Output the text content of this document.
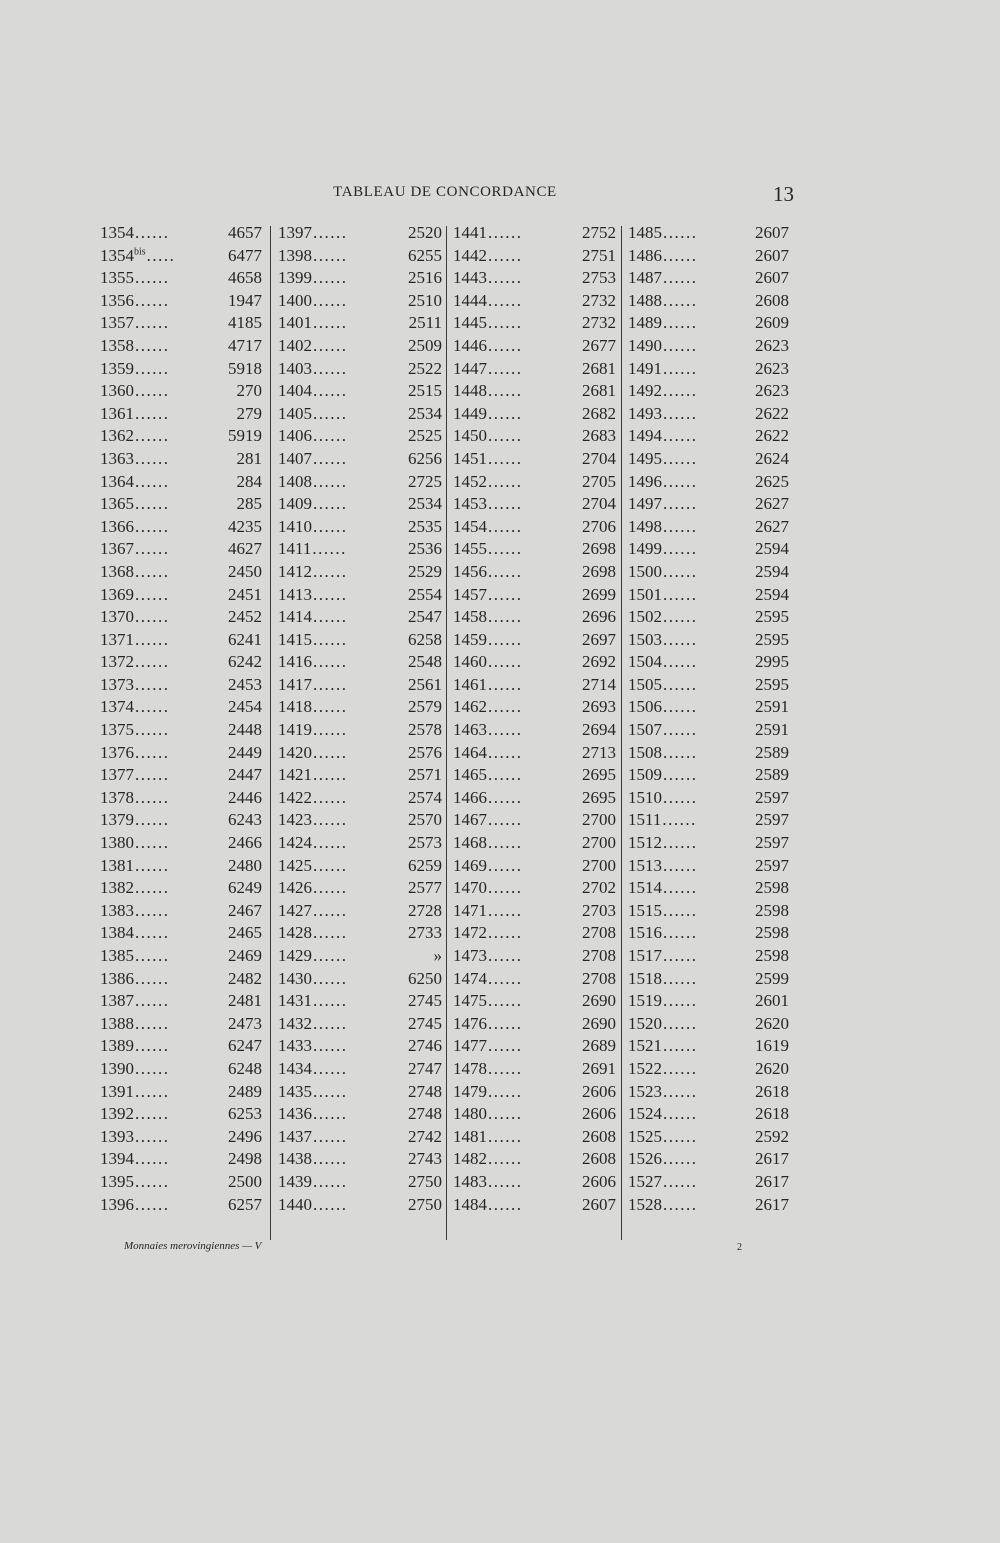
TABLEAU DE CONCORDANCE	13
1354......	4657
$1354^{bis}$.....	6477
1355......	4658
1356......	1947
1357......	4185
1358......	4717
1359......	5918
1360......	270
1361......	279
1362......	5919
1363......	281
1364......	284
1365......	285
1366......	4235
1367......	4627
1368......	2450
1369......	2451
1370......	2452
1371......	6241
1372......	6242
1373......	2453
1374......	2454
1375......	2448
1376......	2449
1377......	2447
1378......	2446
1379......	6243
1380......	2466
1381......	2480
1382......	6249
1383......	2467
1384......	2465
1385......	2469
1386......	2482
1387......	2481
1388......	2473
1389......	6247
1390......	6248
1391......	2489
1392......	6253
1393......	2496
1394......	2498
1395......	2500
1396......	6257
1397......	2520
1398......	6255
1399......	2516
1400......	2510
1401......	2511
1402......	2509
1403......	2522
1404......	2515
1405......	2534
1406......	2525
1407......	6256
1408......	2725
1409......	2534
1410......	2535
1411......	2536
1412......	2529
1413......	2554
1414......	2547
1415......	6258
1416......	2548
1417......	2561
1418......	2579
1419......	2578
1420......	2576
1421......	2571
1422......	2574
1423......	2570
1424......	2573
1425......	6259
1426......	2577
1427......	2728
1428......	2733
1429......	»
1430......	6250
1431......	2745
1432......	2745
1433......	2746
1434......	2747
1435......	2748
1436......	2748
1437......	2742
1438......	2743
1439......	2750
1440......	2750
1441......	2752
1442......	2751
1443......	2753
1444......	2732
1445......	2732
1446......	2677
1447......	2681
1448......	2681
1449......	2682
1450......	2683
1451......	2704
1452......	2705
1453......	2704
1454......	2706
1455......	2698
1456......	2698
1457......	2699
1458......	2696
1459......	2697
1460......	2692
1461......	2714
1462......	2693
1463......	2694
1464......	2713
1465......	2695
1466......	2695
1467......	2700
1468......	2700
1469......	2700
1470......	2702
1471......	2703
1472......	2708
1473......	2708
1474......	2708
1475......	2690
1476......	2690
1477......	2689
1478......	2691
1479......	2606
1480......	2606
1481......	2608
1482......	2608
1483......	2606
1484......	2607
1485......	2607
1486......	2607
1487......	2607
1488......	2608
1489......	2609
1490......	2623
1491......	2623
1492......	2623
1493......	2622
1494......	2622
1495......	2624
1496......	2625
1497......	2627
1498......	2627
1499......	2594
1500......	2594
1501......	2594
1502......	2595
1503......	2595
1504......	2995
1505......	2595
1506......	2591
1507......	2591
1508......	2589
1509......	2589
1510......	2597
1511......	2597
1512......	2597
1513......	2597
1514......	2598
1515......	2598
1516......	2598
1517......	2598
1518......	2599
1519......	2601
1520......	2620
1521......	1619
1522......	2620
1523......	2618
1524......	2618
1525......	2592
1526......	2617
1527......	2617
1528......	2617
Monnaies merovingiennes — V	2
